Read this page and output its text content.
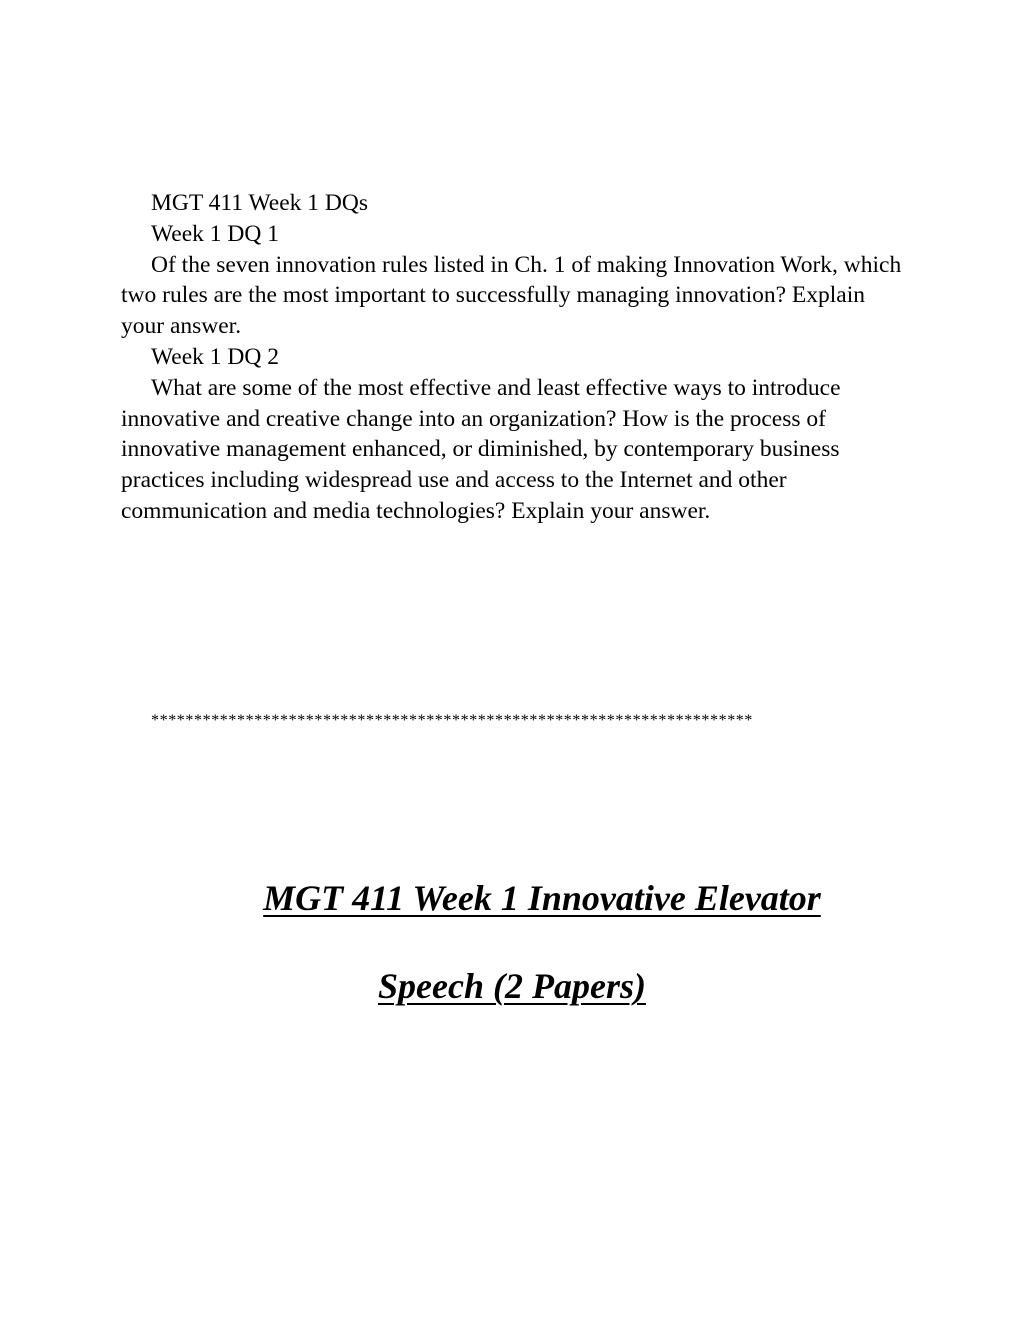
MGT 411 Week 1 DQs

Week 1 DQ 1

Of the seven innovation rules listed in Ch. 1 of making Innovation Work, which two rules are the most important to successfully managing innovation? Explain your answer.

Week 1 DQ 2

What are some of the most effective and least effective ways to introduce innovative and creative change into an organization? How is the process of innovative management enhanced, or diminished, by contemporary business practices including widespread use and access to the Internet and other communication and media technologies? Explain your answer.

**********************************************************************
MGT 411 Week 1 Innovative Elevator
Speech (2 Papers)
